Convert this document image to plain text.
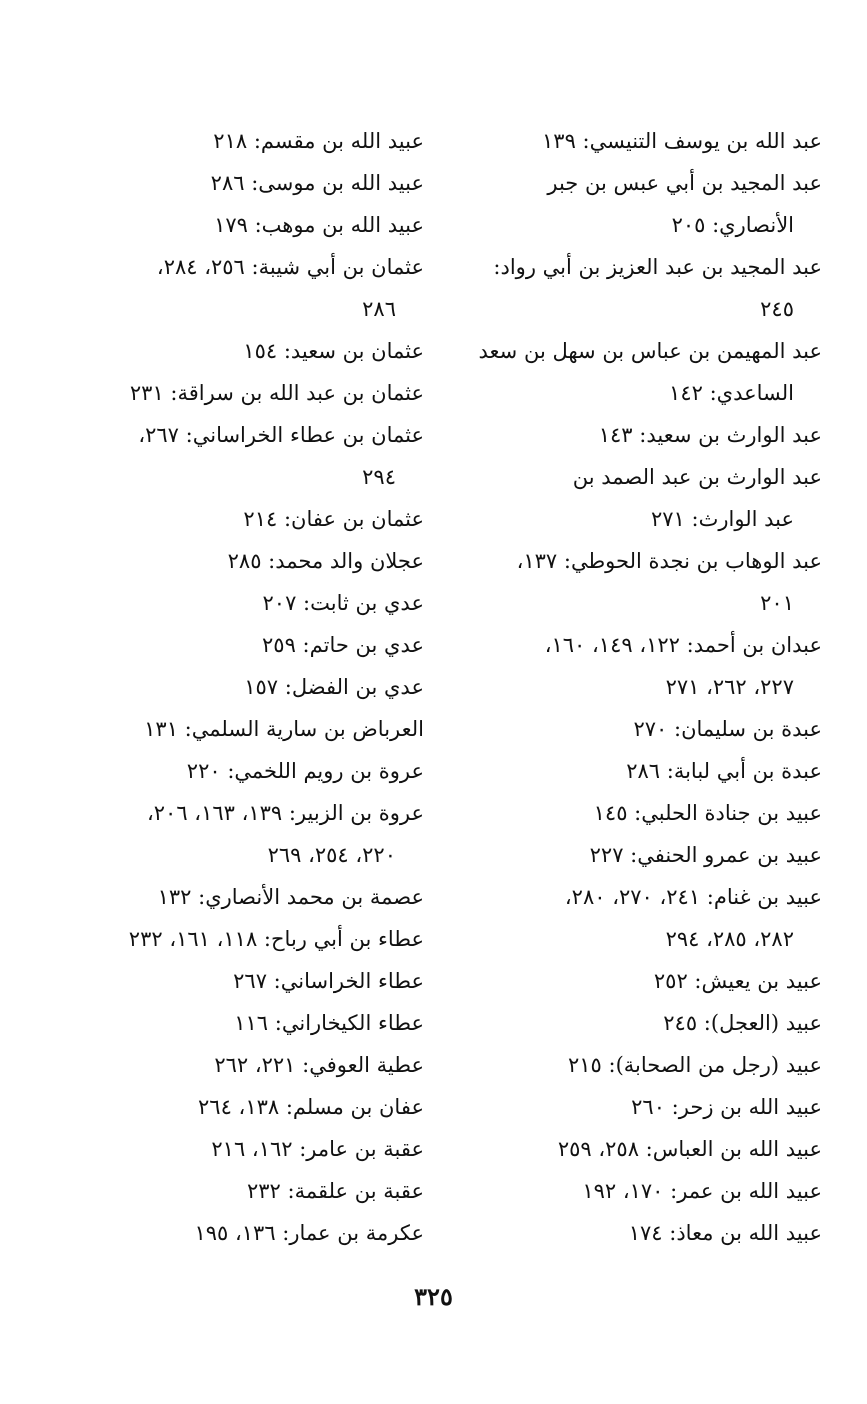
عبد الله بن يوسف التنيسي: ١٣٩
عبد المجيد بن أبي عبس بن جبر
الأنصاري: ٢٠٥
عبد المجيد بن عبد العزيز بن أبي رواد:
٢٤٥
عبد المهيمن بن عباس بن سهل بن سعد
الساعدي: ١٤٢
عبد الوارث بن سعيد: ١٤٣
عبد الوارث بن عبد الصمد بن
عبد الوارث: ٢٧١
عبد الوهاب بن نجدة الحوطي: ١٣٧،
٢٠١
عبدان بن أحمد: ١٢٢، ١٤٩، ١٦٠،
٢٢٧، ٢٦٢، ٢٧١
عبدة بن سليمان: ٢٧٠
عبدة بن أبي لبابة: ٢٨٦
عبيد بن جنادة الحلبي: ١٤٥
عبيد بن عمرو الحنفي: ٢٢٧
عبيد بن غنام: ٢٤١، ٢٧٠، ٢٨٠،
٢٨٢، ٢٨٥، ٢٩٤
عبيد بن يعيش: ٢٥٢
عبيد (العجل): ٢٤٥
عبيد (رجل من الصحابة): ٢١٥
عبيد الله بن زحر: ٢٦٠
عبيد الله بن العباس: ٢٥٨، ٢٥٩
عبيد الله بن عمر: ١٧٠، ١٩٢
عبيد الله بن معاذ: ١٧٤
عبيد الله بن مقسم: ٢١٨
عبيد الله بن موسى: ٢٨٦
عبيد الله بن موهب: ١٧٩
عثمان بن أبي شيبة: ٢٥٦، ٢٨٤،
٢٨٦
عثمان بن سعيد: ١٥٤
عثمان بن عبد الله بن سراقة: ٢٣١
عثمان بن عطاء الخراساني: ٢٦٧،
٢٩٤
عثمان بن عفان: ٢١٤
عجلان والد محمد: ٢٨٥
عدي بن ثابت: ٢٠٧
عدي بن حاتم: ٢٥٩
عدي بن الفضل: ١٥٧
العرباض بن سارية السلمي: ١٣١
عروة بن رويم اللخمي: ٢٢٠
عروة بن الزبير: ١٣٩، ١٦٣، ٢٠٦،
٢٢٠، ٢٥٤، ٢٦٩
عصمة بن محمد الأنصاري: ١٣٢
عطاء بن أبي رباح: ١١٨، ١٦١، ٢٣٢
عطاء الخراساني: ٢٦٧
عطاء الكيخاراني: ١١٦
عطية العوفي: ٢٢١، ٢٦٢
عفان بن مسلم: ١٣٨، ٢٦٤
عقبة بن عامر: ١٦٢، ٢١٦
عقبة بن علقمة: ٢٣٢
عكرمة بن عمار: ١٣٦، ١٩٥
٣٢٥
